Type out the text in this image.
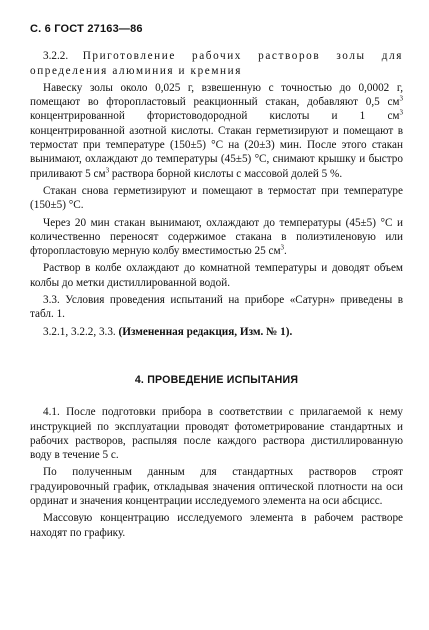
С. 6 ГОСТ 27163—86

3.2.2. Приготовление рабочих растворов золы для определения алюминия и кремния

Навеску золы около 0,025 г, взвешенную с точностью до 0,0002 г, помещают во фторопластовый реакционный стакан, добавляют 0,5 $см^3$ концентрированной фтористоводородной кислоты и 1 $см^3$ концентрированной азотной кислоты. Стакан герметизируют и помещают в термостат при температуре (150±5) °С на (20±3) мин. После этого стакан вынимают, охлаждают до температуры (45±5) °С, снимают крышку и быстро приливают 5 $см^3$ раствора борной кислоты с массовой долей 5 %.

Стакан снова герметизируют и помещают в термостат при температуре (150±5) °С.

Через 20 мин стакан вынимают, охлаждают до температуры (45±5) °С и количественно переносят содержимое стакана в полиэтиленовую или фторопластовую мерную колбу вместимостью 25 $см^3$.

Раствор в колбе охлаждают до комнатной температуры и доводят объем колбы до метки дистиллированной водой.

3.3. Условия проведения испытаний на приборе «Сатурн» приведены в табл. 1.

3.2.1, 3.2.2, 3.3. (Измененная редакция, Изм. № 1).

4. ПРОВЕДЕНИЕ ИСПЫТАНИЯ

4.1. После подготовки прибора в соответствии с прилагаемой к нему инструкцией по эксплуатации проводят фотометрирование стандартных и рабочих растворов, распыляя после каждого раствора дистиллированную воду в течение 5 с.

По полученным данным для стандартных растворов строят градуировочный график, откладывая значения оптической плотности на оси ординат и значения концентрации исследуемого элемента на оси абсцисс.

Массовую концентрацию исследуемого элемента в рабочем растворе находят по графику.
